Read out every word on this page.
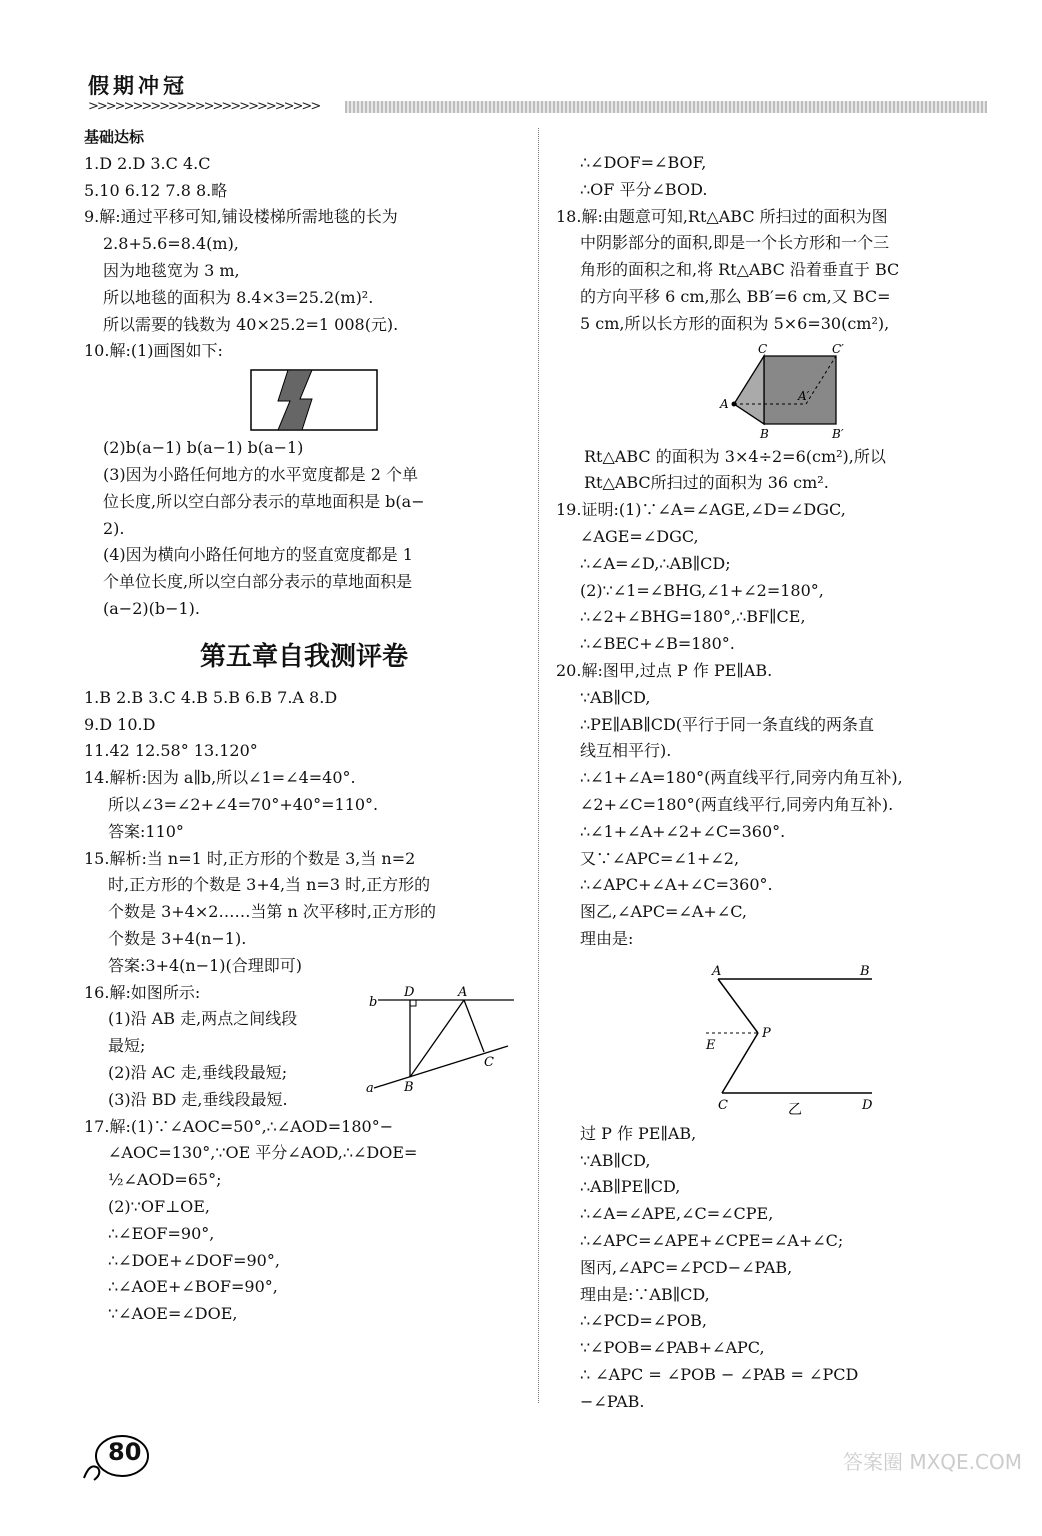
假期冲冠
>>>>>>>>>>>>>>>>>>>>>>>>>>

基础达标

1.D 2.D 3.C 4.C

5.10 6.12 7.8 8.略

9.解:通过平移可知,铺设楼梯所需地毯的长为

2.8+5.6=8.4(m),

因为地毯宽为 3 m,

所以地毯的面积为 8.4×3=25.2(m)².

所以需要的钱数为 40×25.2=1 008(元).

10.解:(1)画图如下:

(2)b(a−1) b(a−1) b(a−1)

(3)因为小路任何地方的水平宽度都是 2 个单

位长度,所以空白部分表示的草地面积是 b(a−

2).

(4)因为横向小路任何地方的竖直宽度都是 1

个单位长度,所以空白部分表示的草地面积是

(a−2)(b−1).

第五章自我测评卷

1.B 2.B 3.C 4.B 5.B 6.B 7.A 8.D

9.D 10.D

11.42 12.58° 13.120°

14.解析:因为 a∥b,所以∠1=∠4=40°.

所以∠3=∠2+∠4=70°+40°=110°.

答案:110°

15.解析:当 n=1 时,正方形的个数是 3,当 n=2

时,正方形的个数是 3+4,当 n=3 时,正方形的

个数是 3+4×2……当第 n 次平移时,正方形的

个数是 3+4(n−1).

答案:3+4(n−1)(合理即可)

16.解:如图所示:

(1)沿 AB 走,两点之间线段

最短;

(2)沿 AC 走,垂线段最短;

(3)沿 BD 走,垂线段最短.

b
D	A
C
B
a

17.解:(1)∵∠AOC=50°,∴∠AOD=180°−

∠AOC=130°,∵OE 平分∠AOD,∴∠DOE=

½∠AOD=65°;

(2)∵OF⊥OE,

∴∠EOF=90°,

∴∠DOE+∠DOF=90°,

∴∠AOE+∠BOF=90°,

∵∠AOE=∠DOE,

∴∠DOF=∠BOF,

∴OF 平分∠BOD.

18.解:由题意可知,Rt△ABC 所扫过的面积为图

中阴影部分的面积,即是一个长方形和一个三

角形的面积之和,将 Rt△ABC 沿着垂直于 BC

的方向平移 6 cm,那么 BB′=6 cm,又 BC=

5 cm,所以长方形的面积为 5×6=30(cm²),

C	C′
A
A′
B	B′

Rt△ABC 的面积为 3×4÷2=6(cm²),所以

Rt△ABC所扫过的面积为 36 cm².

19.证明:(1)∵∠A=∠AGE,∠D=∠DGC,

∠AGE=∠DGC,

∴∠A=∠D,∴AB∥CD;

(2)∵∠1=∠BHG,∠1+∠2=180°,

∴∠2+∠BHG=180°,∴BF∥CE,

∴∠BEC+∠B=180°.

20.解:图甲,过点 P 作 PE∥AB.

∵AB∥CD,

∴PE∥AB∥CD(平行于同一条直线的两条直

线互相平行).

∴∠1+∠A=180°(两直线平行,同旁内角互补),

∠2+∠C=180°(两直线平行,同旁内角互补).

∴∠1+∠A+∠2+∠C=360°.

又∵∠APC=∠1+∠2,

∴∠APC+∠A+∠C=360°.

图乙,∠APC=∠A+∠C,

理由是:

A	B
E
P
C	D
乙

过 P 作 PE∥AB,

∵AB∥CD,

∴AB∥PE∥CD,

∴∠A=∠APE,∠C=∠CPE,

∴∠APC=∠APE+∠CPE=∠A+∠C;

图丙,∠APC=∠PCD−∠PAB,

理由是:∵AB∥CD,

∴∠PCD=∠POB,

∵∠POB=∠PAB+∠APC,

∴ ∠APC = ∠POB − ∠PAB = ∠PCD

−∠PAB.

80	答案圈 MXQE.COM
